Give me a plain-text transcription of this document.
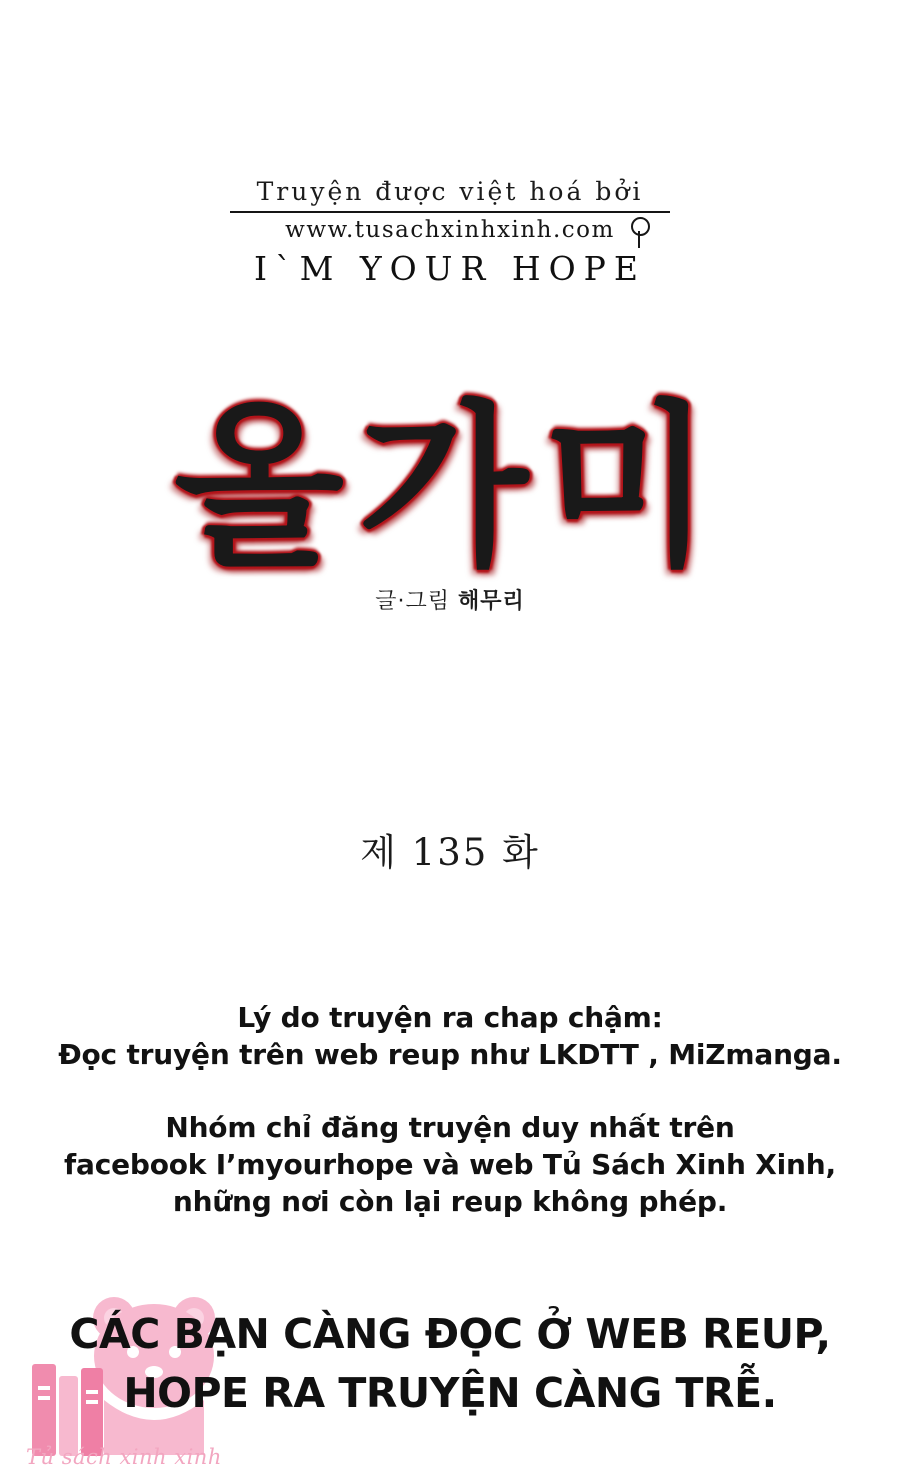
Truyện được việt hoá bởi
www.tusachxinhxinh.com
I`M YOUR HOPE
올가미
글·그림 해무리
제 135 화
Lý do truyện ra chap chậm:
Đọc truyện trên web reup như LKDTT , MiZmanga.
Nhóm chỉ đăng truyện duy nhất trên
facebook I’myourhope và web Tủ Sách Xinh Xinh,
những nơi còn lại reup không phép.
CÁC BẠN CÀNG ĐỌC Ở WEB REUP,
HOPE RA TRUYỆN CÀNG TRỄ.
Tủ sách xinh xinh
